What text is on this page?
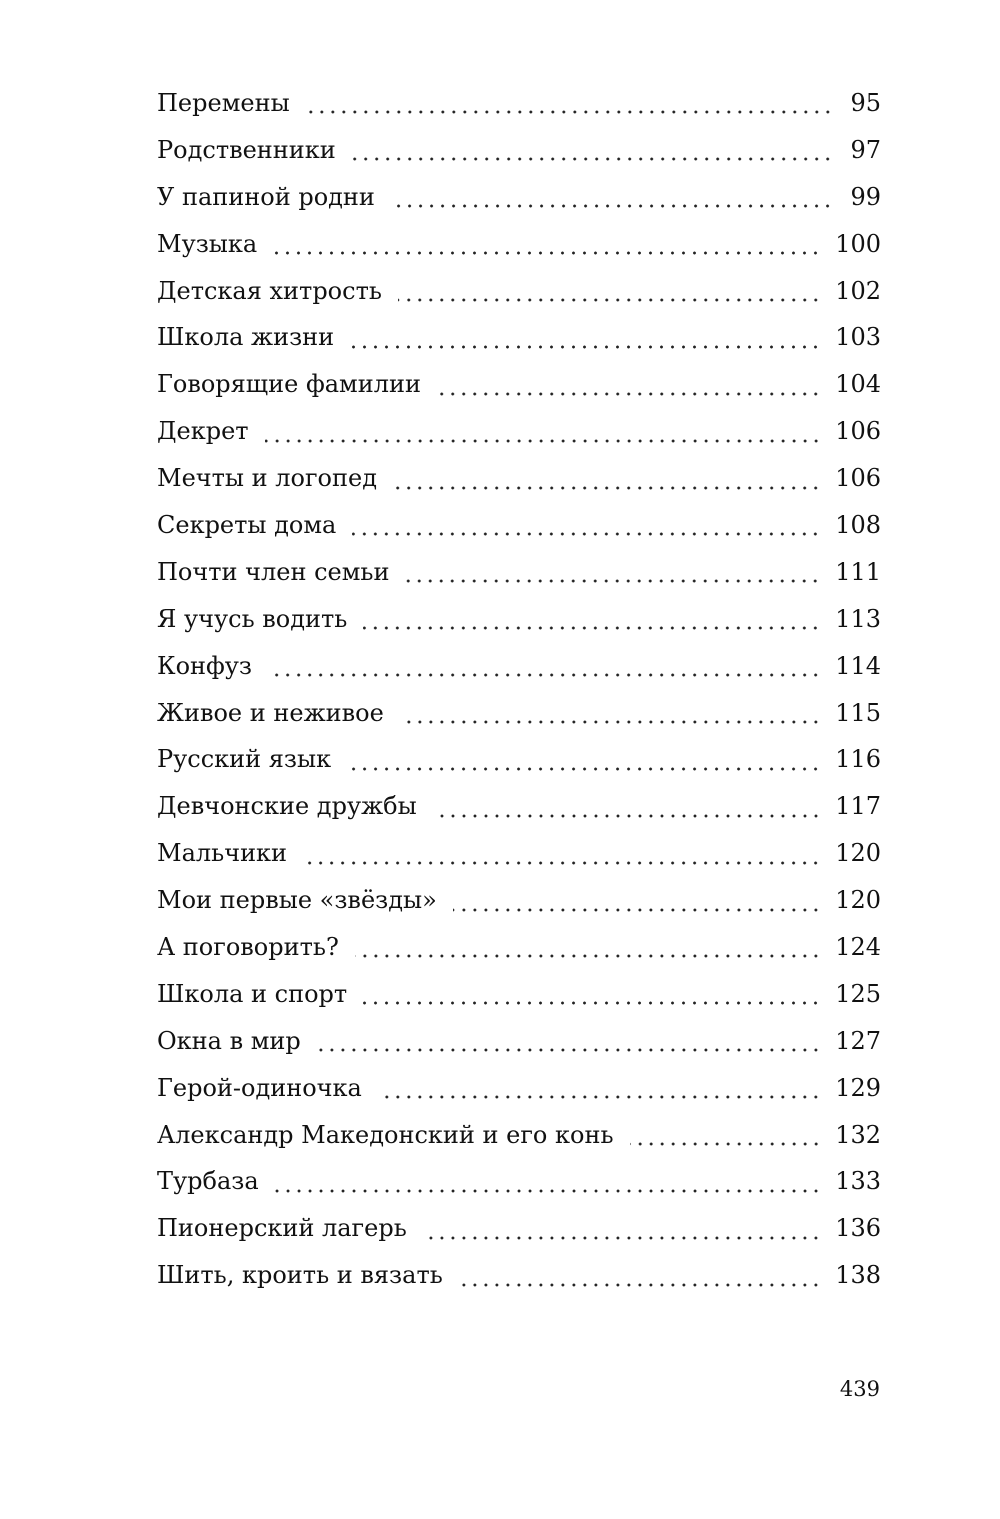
Перемены	95
Родственники	97
У папиной родни	99
Музыка	100
Детская хитрость	102
Школа жизни	103
Говорящие фамилии	104
Декрет	106
Мечты и логопед	106
Секреты дома	108
Почти член семьи	111
Я учусь водить	113
Конфуз	114
Живое и неживое	115
Русский язык	116
Девчонские дружбы	117
Мальчики	120
Мои первые «звёзды»	120
А поговорить?	124
Школа и спорт	125
Окна в мир	127
Герой-одиночка	129
Александр Македонский и его конь	132
Турбаза	133
Пионерский лагерь	136
Шить, кроить и вязать	138
439
